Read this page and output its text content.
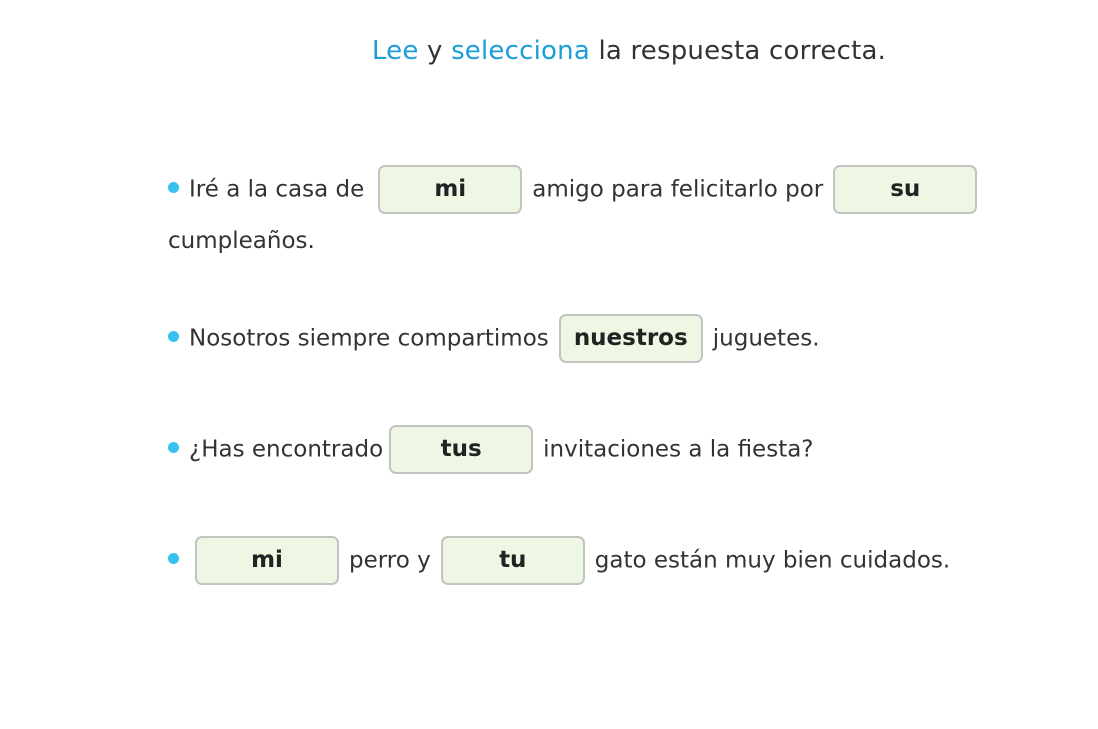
Lee y selecciona la respuesta correcta.
Iré a la casa de	mi	amigo para felicitarlo por	su
cumpleaños.
Nosotros siempre compartimos nuestros juguetes.
¿Has encontrado tus	invitaciones a la fiesta?
mi	perro y	tu	gato están muy bien cuidados.
